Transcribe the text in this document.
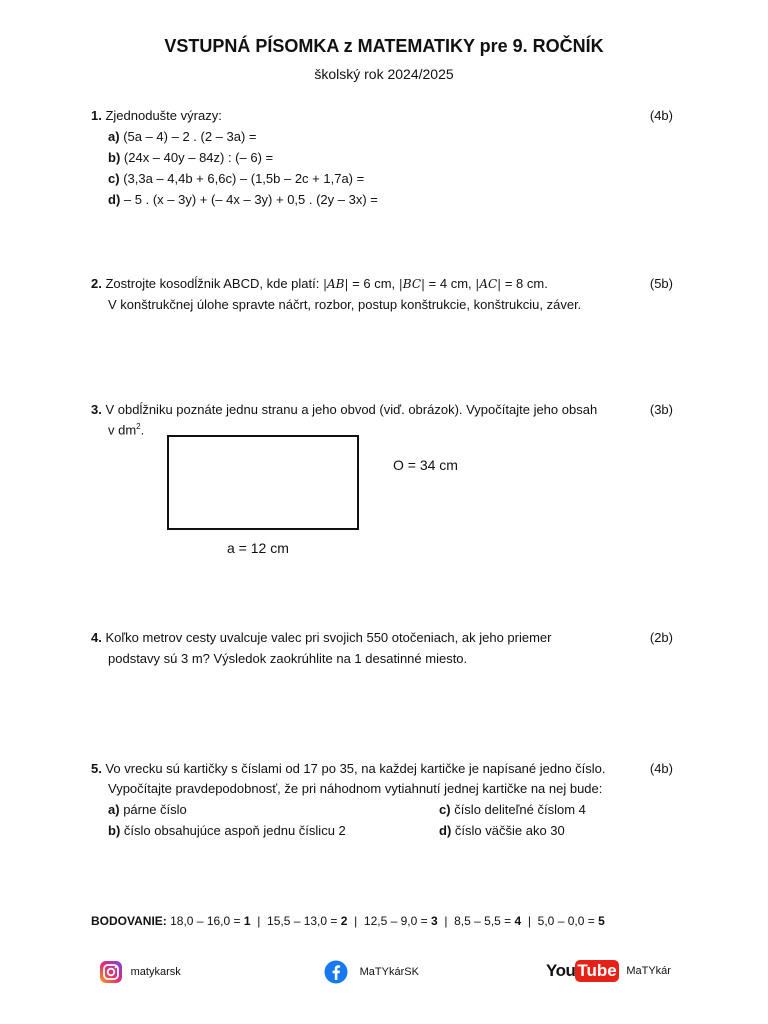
VSTUPNÁ PÍSOMKA z MATEMATIKY pre 9. ROČNÍK
školský rok 2024/2025
1. Zjednodušte výrazy:	(4b)
a) (5a – 4) – 2 . (2 – 3a) =
b) (24x – 40y – 84z) : (– 6) =
c) (3,3a – 4,4b + 6,6c) – (1,5b – 2c + 1,7a) =
d) – 5 . (x – 3y) + (– 4x – 3y) + 0,5 . (2y – 3x) =
2. Zostrojte kosodĺžnik ABCD, kde platí: |AB| = 6 cm, |BC| = 4 cm, |AC| = 8 cm.	(5b)
V konštrukčnej úlohe spravte náčrt, rozbor, postup konštrukcie, konštrukciu, záver.
3. V obdĺžniku poznáte jednu stranu a jeho obvod (viď. obrázok). Vypočítajte jeho obsah	(3b)
v $dm^2$.
O = 34 cm
a = 12 cm
4. Koľko metrov cesty uvalcuje valec pri svojich 550 otočeniach, ak jeho priemer	(2b)
podstavy sú 3 m? Výsledok zaokrúhlite na 1 desatinné miesto.
5. Vo vrecku sú kartičky s číslami od 17 po 35, na každej kartičke je napísané jedno číslo.	(4b)
Vypočítajte pravdepodobnosť, že pri náhodnom vytiahnutí jednej kartičke na nej bude:
a) párne číslo
b) číslo obsahujúce aspoň jednu číslicu 2
c) číslo deliteľné číslom 4
d) číslo väčšie ako 30
BODOVANIE: 18,0 – 16,0 = 1 | 15,5 – 13,0 = 2 | 12,5 – 9,0 = 3 | 8,5 – 5,5 = 4 | 5,0 – 0,0 = 5
matykarsk	MaTYkárSK	You Tube MaTYkár
